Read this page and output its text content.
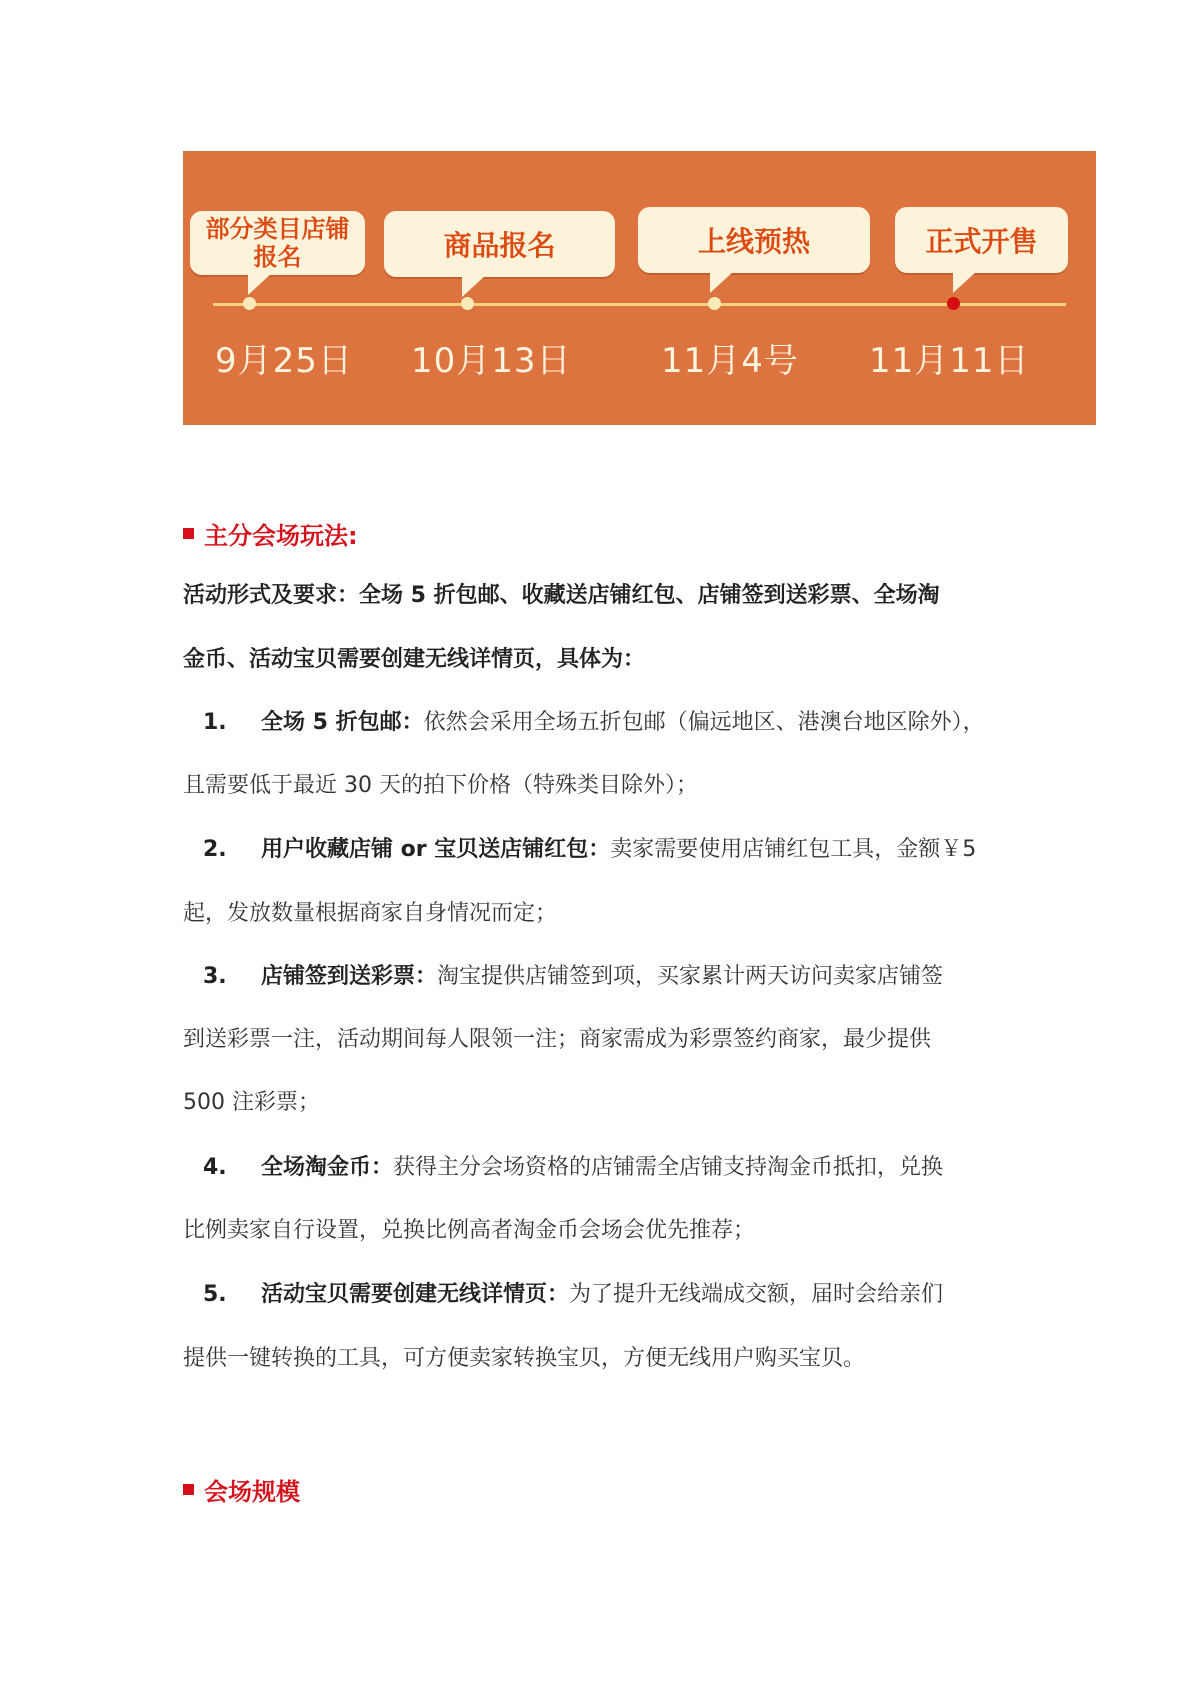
部分类目店铺
报名	商品报名	上线预热	正式开售
9月25日 10月13日	11月4号 11月11日
主分会场玩法:
活动形式及要求：全场 5 折包邮、收藏送店铺红包、店铺签到送彩票、全场淘
金币、活动宝贝需要创建无线详情页，具体为：
1. 全场 5 折包邮：依然会采用全场五折包邮（偏远地区、港澳台地区除外），
且需要低于最近 30 天的拍下价格（特殊类目除外）；
2. 用户收藏店铺 or 宝贝送店铺红包：卖家需要使用店铺红包工具，金额￥5
起，发放数量根据商家自身情况而定；
3. 店铺签到送彩票：淘宝提供店铺签到项，买家累计两天访问卖家店铺签
到送彩票一注，活动期间每人限领一注；商家需成为彩票签约商家，最少提供
500 注彩票；
4. 全场淘金币：获得主分会场资格的店铺需全店铺支持淘金币抵扣，兑换
比例卖家自行设置，兑换比例高者淘金币会场会优先推荐；
5. 活动宝贝需要创建无线详情页：为了提升无线端成交额，届时会给亲们
提供一键转换的工具，可方便卖家转换宝贝，方便无线用户购买宝贝。
会场规模
